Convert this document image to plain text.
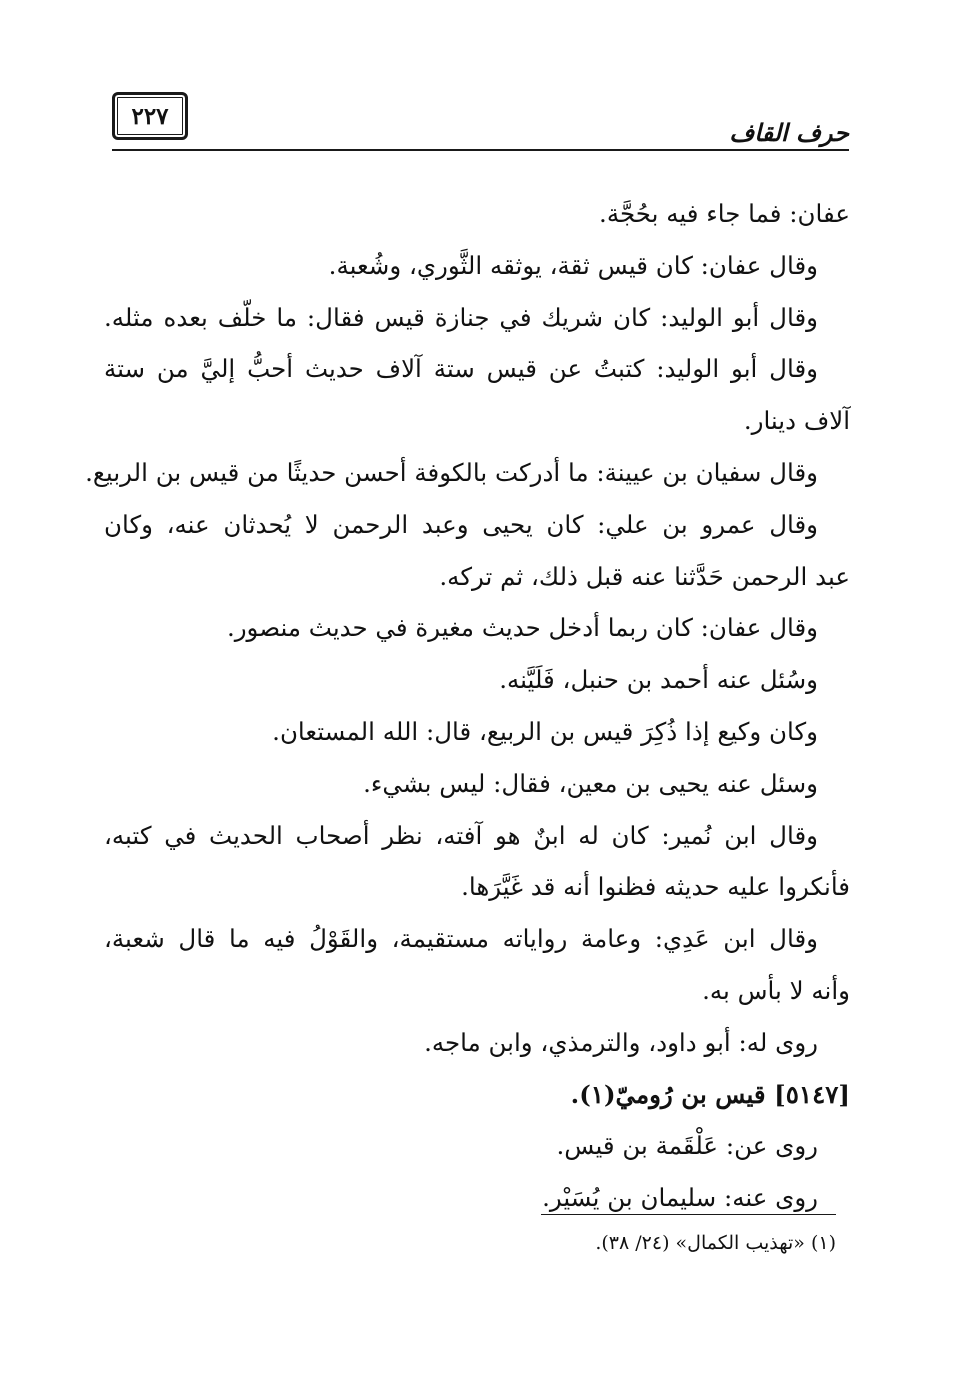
٢٢٧
حرف القاف
عفان: فما جاء فيه بحُجَّة.
وقال عفان: كان قيس ثقة، يوثقه الثَّوري، وشُعبة.
وقال أبو الوليد: كان شريك في جنازة قيس فقال: ما خلّف بعده مثله.
وقال أبو الوليد: كتبتُ عن قيس ستة آلاف حديث أحبُّ إليَّ من ستة
آلاف دينار.
وقال سفيان بن عيينة: ما أدركت بالكوفة أحسن حديثًا من قيس بن الربيع.
وقال عمرو بن علي: كان يحيى وعبد الرحمن لا يُحدثان عنه، وكان
عبد الرحمن حَدَّثنا عنه قبل ذلك، ثم تركه.
وقال عفان: كان ربما أدخل حديث مغيرة في حديث منصور.
وسُئل عنه أحمد بن حنبل، فَلَيَّنه.
وكان وكيع إذا ذُكِرَ قيس بن الربيع، قال: الله المستعان.
وسئل عنه يحيى بن معين، فقال: ليس بشيء.
وقال ابن نُمير: كان له ابنٌ هو آفته، نظر أصحاب الحديث في كتبه،
فأنكروا عليه حديثه فظنوا أنه قد غَيَّرَها.
وقال ابن عَدِي: وعامة رواياته مستقيمة، والقَوْلُ فيه ما قال شعبة،
وأنه لا بأس به.
روى له: أبو داود، والترمذي، وابن ماجه.
[٥١٤٧] قيس بن رُوميّ(١).
روى عن: عَلْقَمة بن قيس.
روى عنه: سليمان بن يُسَيْر.
(١) «تهذيب الكمال» (٢٤/ ٣٨).
